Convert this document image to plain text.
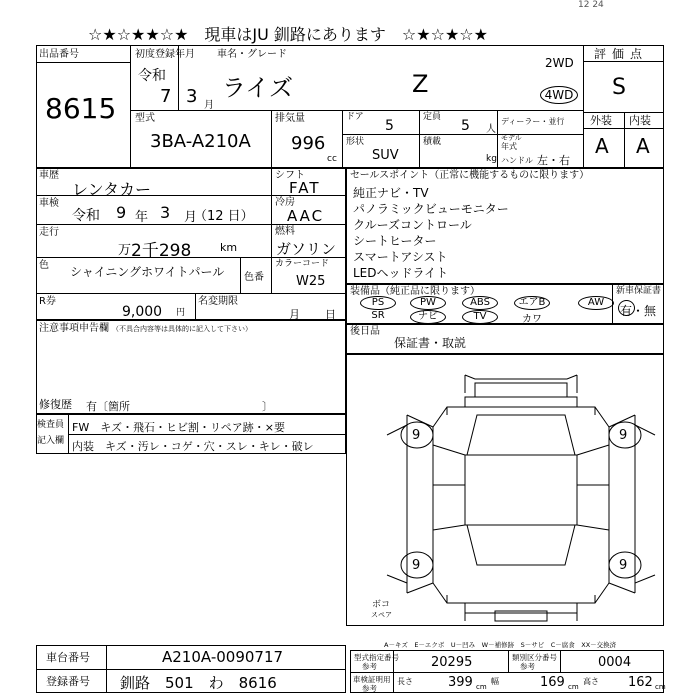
☆★☆★★☆★　現車はJU 釧路にあります　☆★☆★☆★
12 24
出品番号
8615
初度登録年月
令和
7 3 月
車名・グレード
ライズ	Z
2WD
4WD
評価点
S
型式
3BA-A210A
排気量
996
cc
ドア
5
定員
5 人
ディーラー・並行
形状
SUV
積載
kg
モデル
年式
ハンドル 左・右
外装 内装
A A
車歴
レンタカー
車検
令和 9 年 3 月
（12 日）
シフト
FAT
冷房
AAC
走行
万 2千298	km
燃料
ガソリン
色 シャイニングホワイトパール	色番
カラーコード
W25
R券
9,000 円
名変期限
月 日
セールスポイント（正常に機能するものに限ります）
純正ナビ・TV
パノラミックビューモニター
クルーズコントロール
シートヒーター
スマートアシスト
LEDヘッドライト
装備品（純正品に限ります）	新車保証書
有・無
PS	PW	ABS	エアB	AW
SR	ナビ	TV	カワ
注意事項申告欄 （不具合内容等は具体的に記入して下さい）
修復歴 有〔箇所　　　　　　　　　　　　〕
後日品
保証書・取説
検査員
記入欄
FW　キズ・飛石・ヒビ割・リペア跡・×要
内装　キズ・汚レ・コゲ・穴・スレ・キレ・破レ
9	9
9	9
スペア
ボコ
A－キズ　E－エクボ　U－凹み　W－補修跡　S－サビ　C－腐食　XX－交換済
車台番号	A210A-0090717
登録番号 釧路　501　わ　8616
型式指定番号
参考	20295	類別区分番号
参考	0004
車検証明用
参考
長さ	399 cm
幅	169 cm
高さ 162 cm
